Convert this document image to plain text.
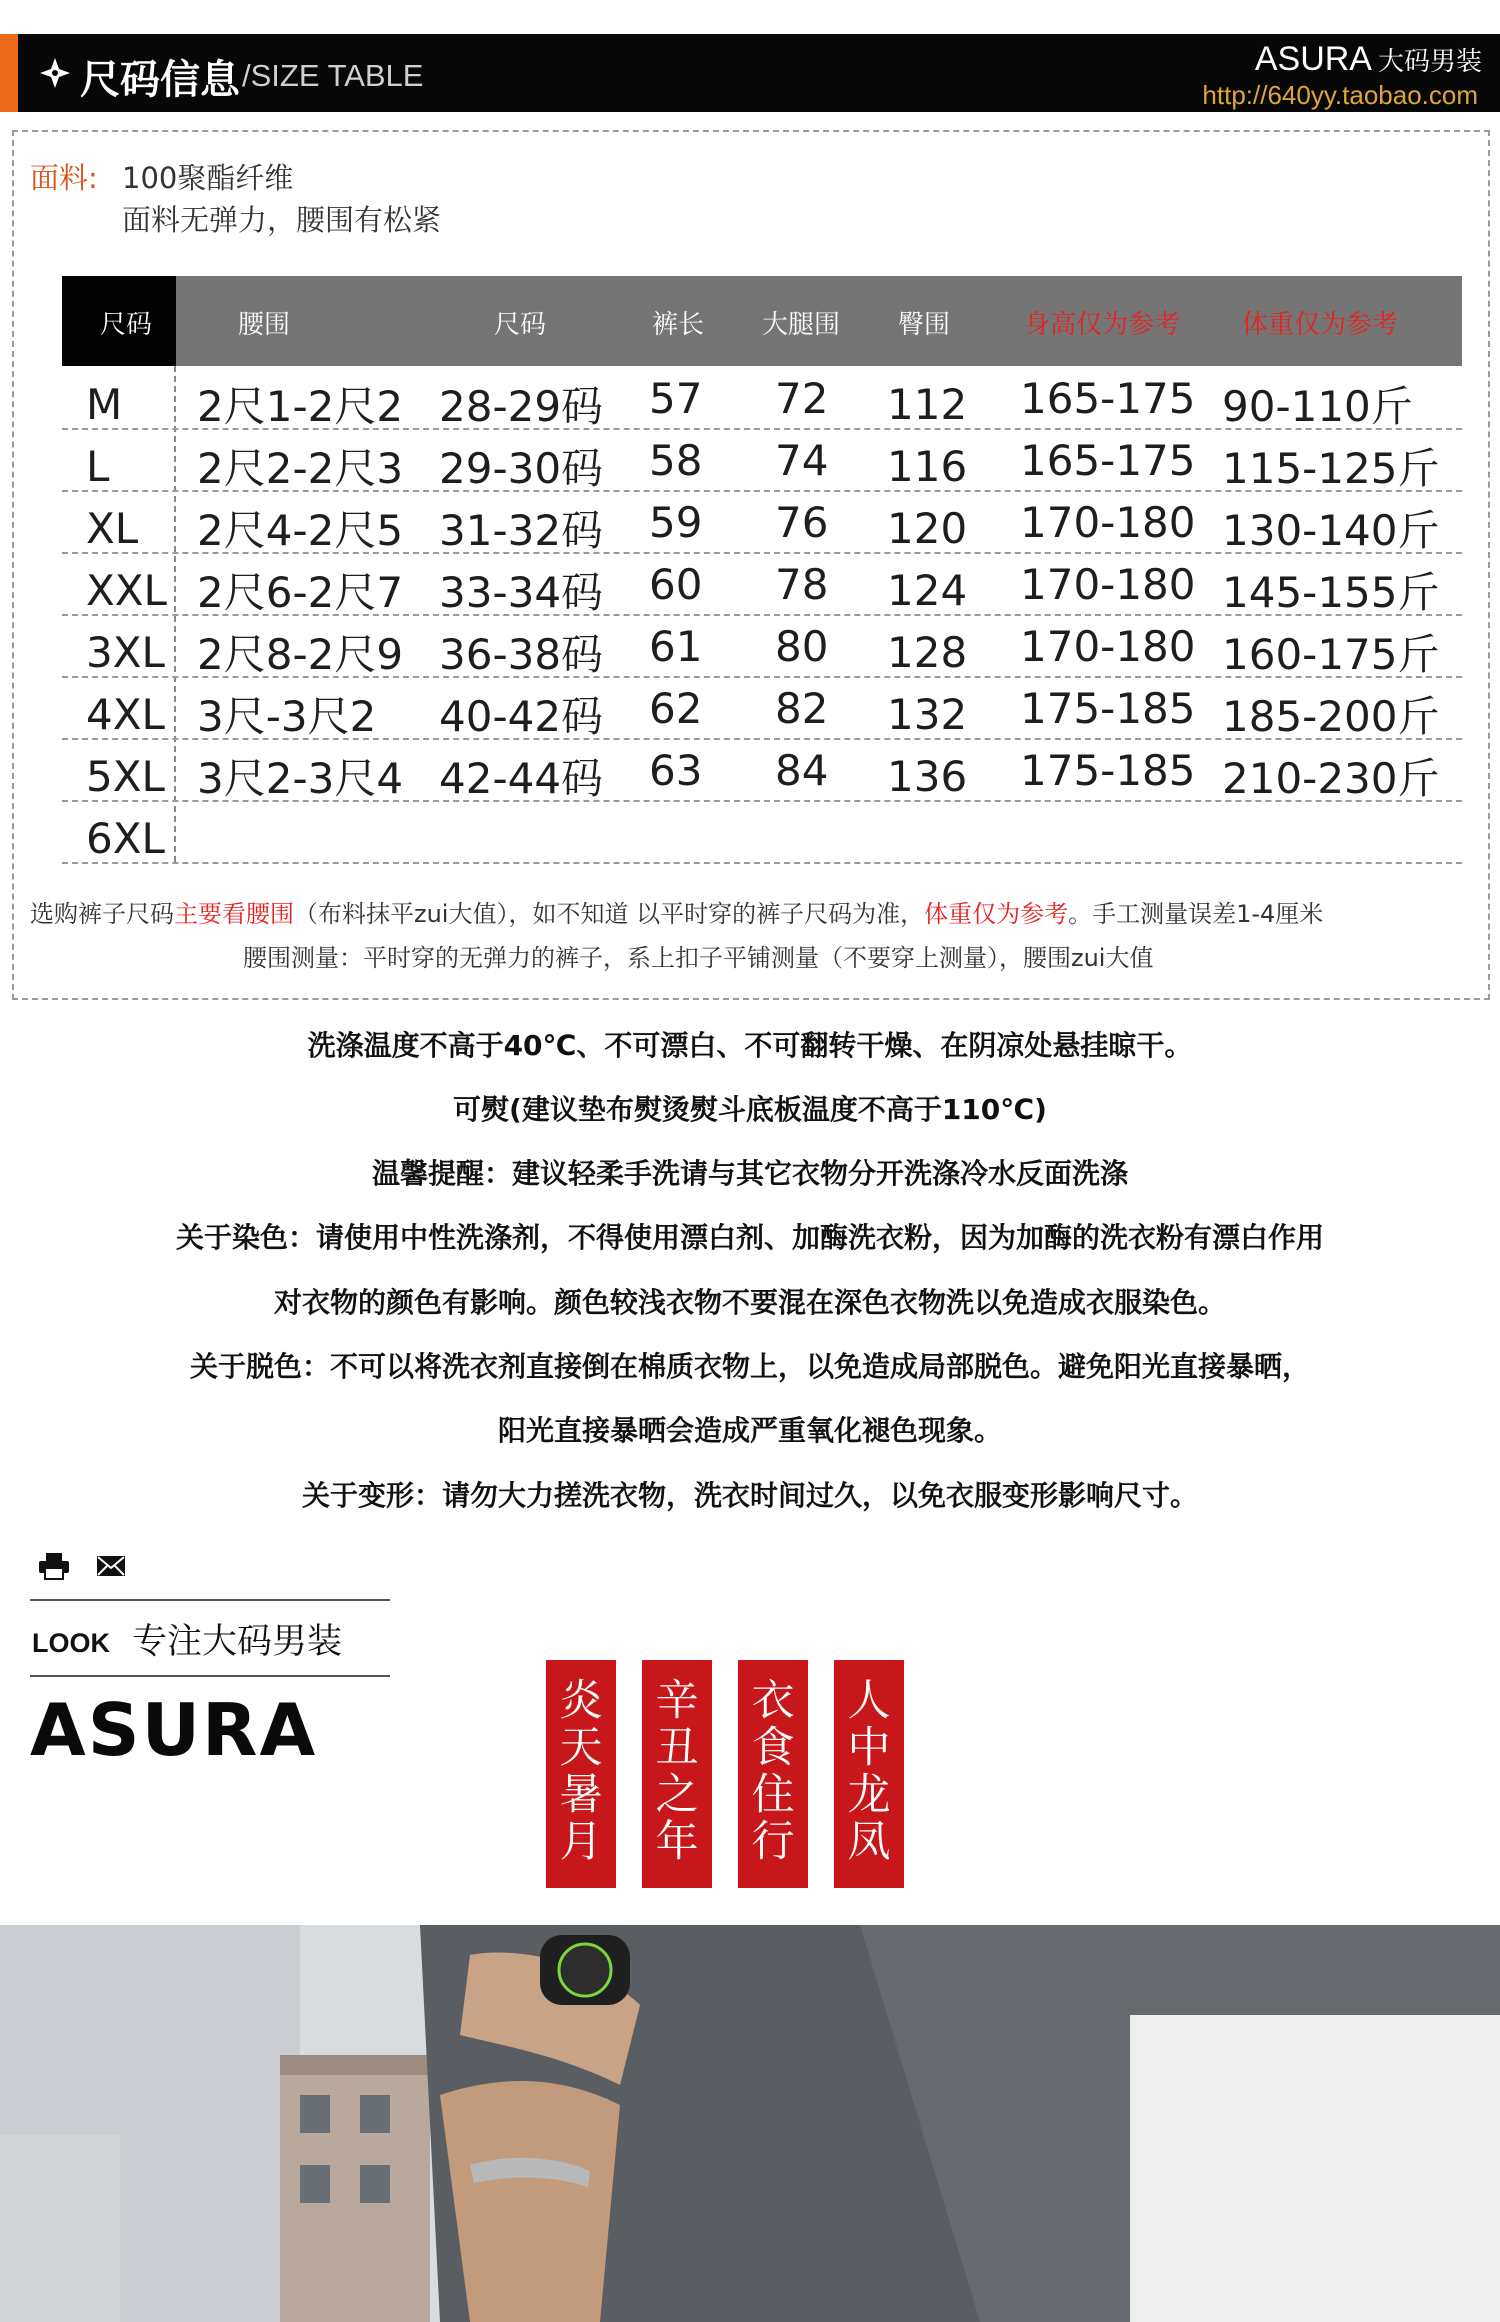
尺码信息 /SIZE TABLE	ASURA 大码男装
http://640yy.taobao.com
面料: 100聚酯纤维
面料无弹力，腰围有松紧
尺码	腰围	尺码	裤长 大腿围 臀围	身高仅为参考 体重仅为参考
M 2尺1-2尺2 28-29码 57 72 112 165-175 90-110斤
L 2尺2-2尺3 29-30码 58 74 116 165-175 115-125斤
XL 2尺4-2尺5 31-32码 59 76 120 170-180 130-140斤
XXL 2尺6-2尺7 33-34码 60 78 124 170-180 145-155斤
3XL 2尺8-2尺9 36-38码 61 80 128 170-180 160-175斤
4XL 3尺-3尺2 40-42码 62 82 132 175-185 185-200斤
5XL 3尺2-3尺4 42-44码 63 84 136 175-185 210-230斤
6XL
选购裤子尺码主要看腰围（布料抹平zui大值），如不知道 以平时穿的裤子尺码为准，体重仅为参考。手工测量误差1-4厘米
腰围测量：平时穿的无弹力的裤子，系上扣子平铺测量（不要穿上测量），腰围zui大值
洗涤温度不高于40℃、不可漂白、不可翻转干燥、在阴凉处悬挂晾干。
可熨(建议垫布熨烫熨斗底板温度不高于110℃)
温馨提醒：建议轻柔手洗请与其它衣物分开洗涤冷水反面洗涤
关于染色：请使用中性洗涤剂，不得使用漂白剂、加酶洗衣粉，因为加酶的洗衣粉有漂白作用
对衣物的颜色有影响。颜色较浅衣物不要混在深色衣物洗以免造成衣服染色。
关于脱色：不可以将洗衣剂直接倒在棉质衣物上，以免造成局部脱色。避免阳光直接暴晒，
阳光直接暴晒会造成严重氧化褪色现象。
关于变形：请勿大力搓洗衣物，洗衣时间过久，以免衣服变形影响尺寸。
LOOK 专注大码男装
ASURA	炎天暑月
辛丑之年
衣食住行
人中龙凤
